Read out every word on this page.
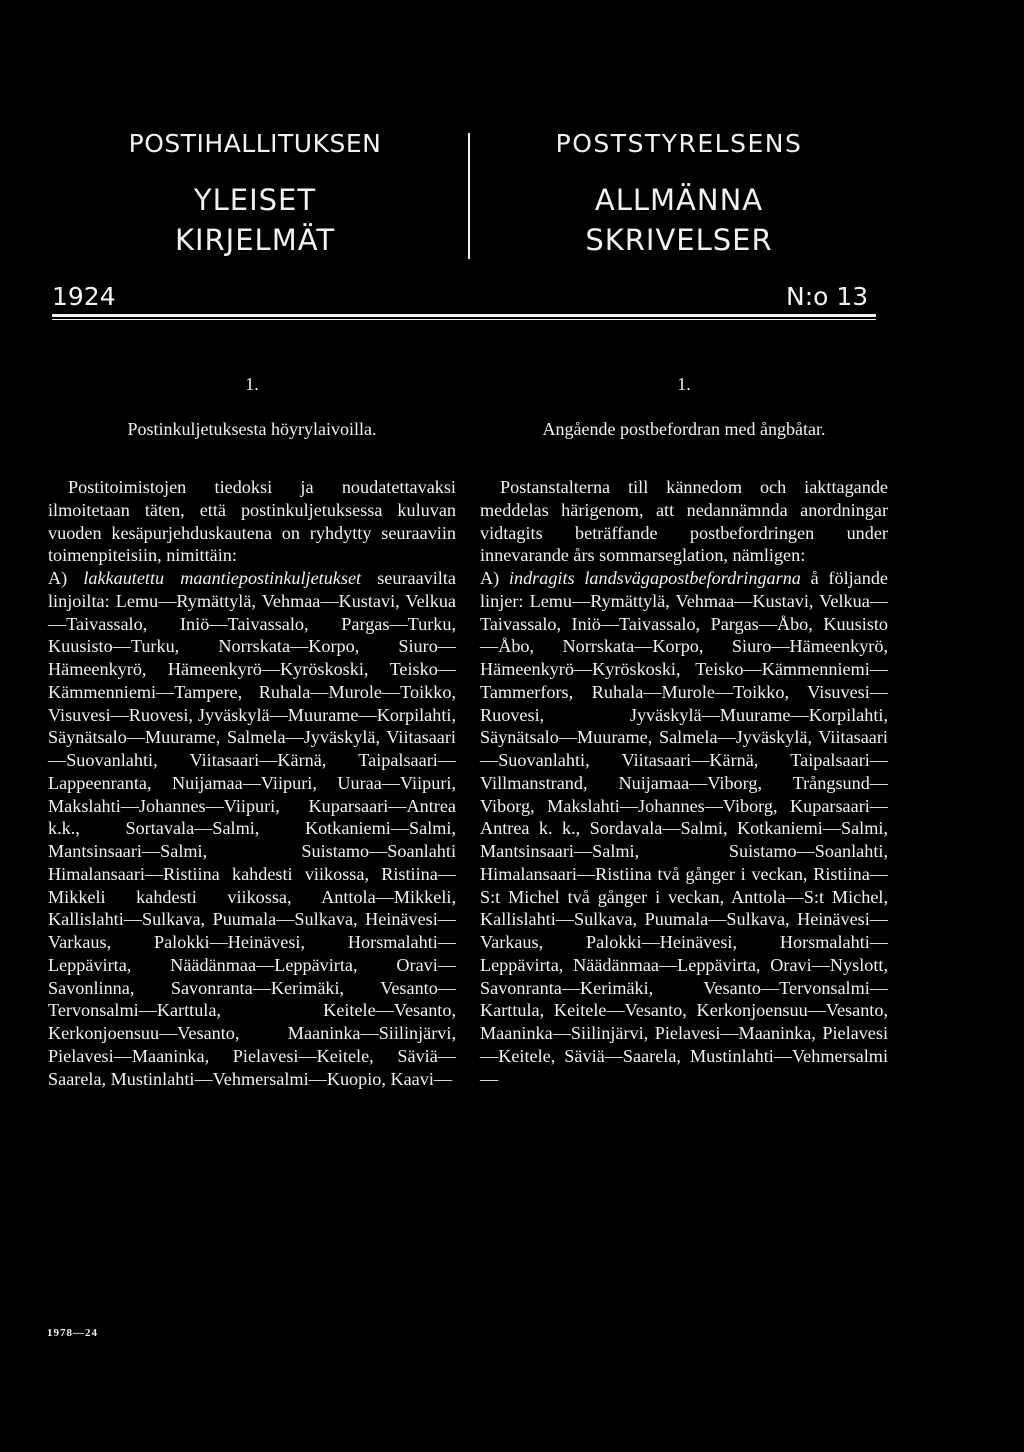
POSTIHALLITUKSEN
YLEISET
KIRJELMÄT
POSTSTYRELSENS
ALLMÄNNA
SKRIVELSER
1924	N:o 13
1.
Postinkuljetuksesta höyrylaivoilla.
1.
Angående postbefordran med ångbåtar.

Postitoimistojen tiedoksi ja noudatettavaksi ilmoitetaan täten, että postinkuljetuksessa kuluvan vuoden kesäpurjehduskautena on ryhdytty seuraaviin toimenpiteisiin, nimittäin:

A) lakkautettu maantiepostinkuljetukset seuraavilta linjoilta: Lemu—Rymättylä, Vehmaa—Kustavi, Velkua—Taivassalo, Iniö—Taivassalo, Pargas—Turku, Kuusisto—Turku, Norrskata—Korpo, Siuro—Hämeenkyrö, Hämeenkyrö—Kyröskoski, Teisko—Kämmenniemi—Tampere, Ruhala—Murole—Toikko, Visuvesi—Ruovesi, Jyväskylä—Muurame—Korpilahti, Säynätsalo—Muurame, Salmela—Jyväskylä, Viitasaari—Suovanlahti, Viitasaari—Kärnä, Taipalsaari—Lappeenranta, Nuijamaa—Viipuri, Uuraa—Viipuri, Makslahti—Johannes—Viipuri, Kuparsaari—Antrea k.k., Sortavala—Salmi, Kotkaniemi—Salmi, Mantsinsaari—Salmi, Suistamo—Soanlahti Himalansaari—Ristiina kahdesti viikossa, Ristiina—Mikkeli kahdesti viikossa, Anttola—Mikkeli, Kallislahti—Sulkava, Puumala—Sulkava, Heinävesi—Varkaus, Palokki—Heinävesi, Horsmalahti—Leppävirta, Näädänmaa—Leppävirta, Oravi—Savonlinna, Savonranta—Kerimäki, Vesanto—Tervonsalmi—Karttula, Keitele—Vesanto, Kerkonjoensuu—Vesanto, Maaninka—Siilinjärvi, Pielavesi—Maaninka, Pielavesi—Keitele, Säviä—Saarela, Mustinlahti—Vehmersalmi—Kuopio, Kaavi—

Postanstalterna till kännedom och iakttagande meddelas härigenom, att nedannämnda anordningar vidtagits beträffande postbefordringen under innevarande års sommarseglation, nämligen:

A) indragits landsvägapostbefordringarna å följande linjer: Lemu—Rymättylä, Vehmaa—Kustavi, Velkua—Taivassalo, Iniö—Taivassalo, Pargas—Åbo, Kuusisto—Åbo, Norrskata—Korpo, Siuro—Hämeenkyrö, Hämeenkyrö—Kyröskoski, Teisko—Kämmenniemi—Tammerfors, Ruhala—Murole—Toikko, Visuvesi—Ruovesi, Jyväskylä—Muurame—Korpilahti, Säynätsalo—Muurame, Salmela—Jyväskylä, Viitasaari—Suovanlahti, Viitasaari—Kärnä, Taipalsaari—Villmanstrand, Nuijamaa—Viborg, Trångsund—Viborg, Makslahti—Johannes—Viborg, Kuparsaari—Antrea k. k., Sordavala—Salmi, Kotkaniemi—Salmi, Mantsinsaari—Salmi, Suistamo—Soanlahti, Himalansaari—Ristiina två gånger i veckan, Ristiina—S:t Michel två gånger i veckan, Anttola—S:t Michel, Kallislahti—Sulkava, Puumala—Sulkava, Heinävesi—Varkaus, Palokki—Heinävesi, Horsmalahti—Leppävirta, Näädänmaa—Leppävirta, Oravi—Nyslott, Savonranta—Kerimäki, Vesanto—Tervonsalmi—Karttula, Keitele—Vesanto, Kerkonjoensuu—Vesanto, Maaninka—Siilinjärvi, Pielavesi—Maaninka, Pielavesi—Keitele, Säviä—Saarela, Mustinlahti—Vehmersalmi—

1978—24
